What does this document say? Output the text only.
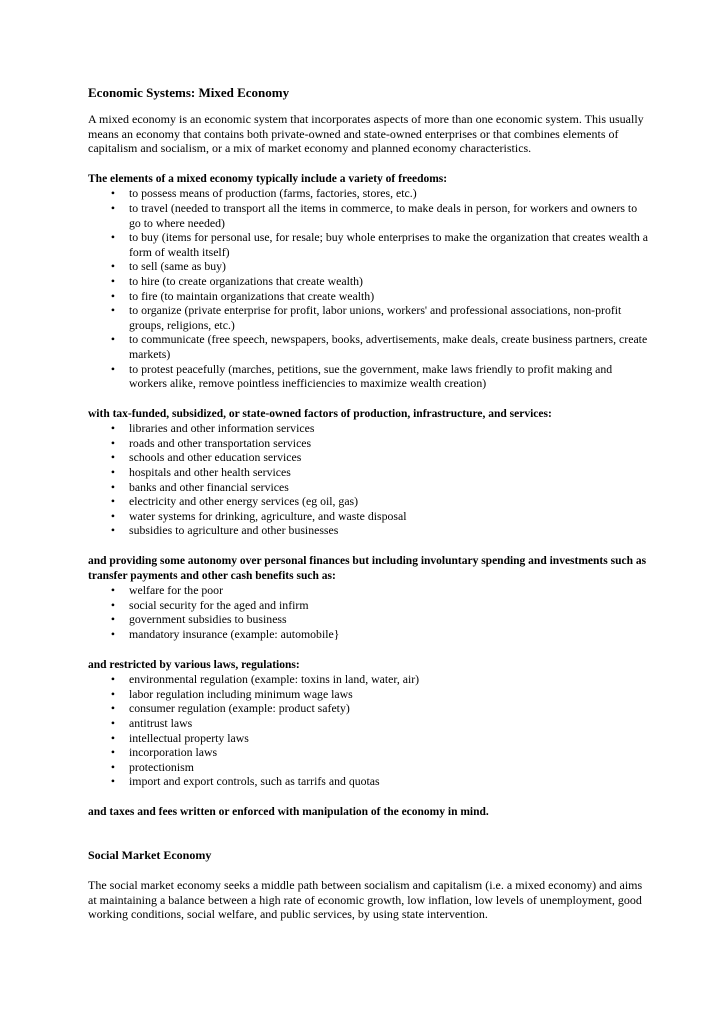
Economic Systems: Mixed Economy

A mixed economy is an economic system that incorporates aspects of more than one economic system. This usually means an economy that contains both private-owned and state-owned enterprises or that combines elements of capitalism and socialism, or a mix of market economy and planned economy characteristics.

The elements of a mixed economy typically include a variety of freedoms:

• to possess means of production (farms, factories, stores, etc.)
• to travel (needed to transport all the items in commerce, to make deals in person, for workers and owners to go to where needed)
• to buy (items for personal use, for resale; buy whole enterprises to make the organization that creates wealth a form of wealth itself)
• to sell (same as buy)
• to hire (to create organizations that create wealth)
• to fire (to maintain organizations that create wealth)
• to organize (private enterprise for profit, labor unions, workers' and professional associations, non-profit groups, religions, etc.)
• to communicate (free speech, newspapers, books, advertisements, make deals, create business partners, create markets)
• to protest peacefully (marches, petitions, sue the government, make laws friendly to profit making and workers alike, remove pointless inefficiencies to maximize wealth creation)

with tax-funded, subsidized, or state-owned factors of production, infrastructure, and services:

• libraries and other information services
• roads and other transportation services
• schools and other education services
• hospitals and other health services
• banks and other financial services
• electricity and other energy services (eg oil, gas)
• water systems for drinking, agriculture, and waste disposal
• subsidies to agriculture and other businesses

and providing some autonomy over personal finances but including involuntary spending and investments such as transfer payments and other cash benefits such as:

• welfare for the poor
• social security for the aged and infirm
• government subsidies to business
• mandatory insurance (example: automobile}

and restricted by various laws, regulations:

• environmental regulation (example: toxins in land, water, air)
• labor regulation including minimum wage laws
• consumer regulation (example: product safety)
• antitrust laws
• intellectual property laws
• incorporation laws
• protectionism
• import and export controls, such as tarrifs and quotas

and taxes and fees written or enforced with manipulation of the economy in mind.

Social Market Economy

The social market economy seeks a middle path between socialism and capitalism (i.e. a mixed economy) and aims at maintaining a balance between a high rate of economic growth, low inflation, low levels of unemployment, good working conditions, social welfare, and public services, by using state intervention.
